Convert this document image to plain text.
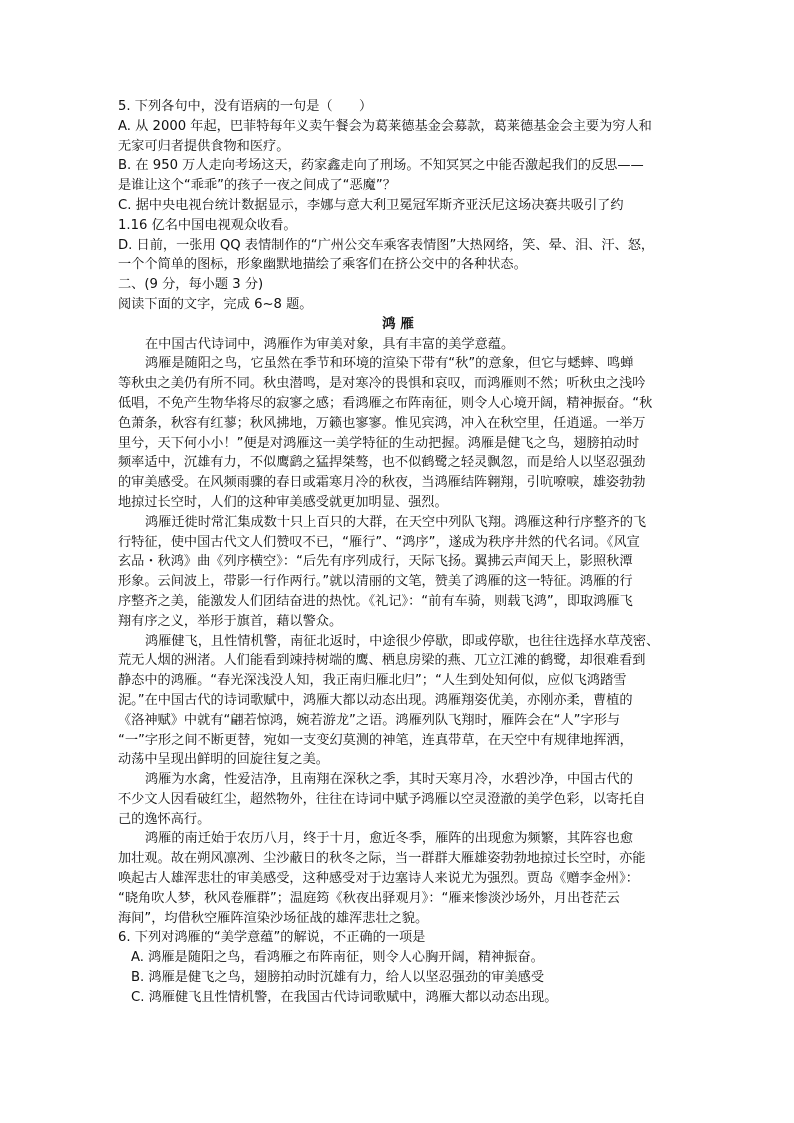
5. 下列各句中，没有语病的一句是（　　）
A. 从 2000 年起，巴菲特每年义卖午餐会为葛莱德基金会募款，葛莱德基金会主要为穷人和
无家可归者提供食物和医疗。
B. 在 950 万人走向考场这天，药家鑫走向了刑场。不知冥冥之中能否激起我们的反思——
是谁让这个“乖乖”的孩子一夜之间成了“恶魔”？
C. 据中央电视台统计数据显示，李娜与意大利卫冕冠军斯齐亚沃尼这场决赛共吸引了约
1.16 亿名中国电视观众收看。
D. 日前，一张用 QQ 表情制作的“广州公交车乘客表情图”大热网络，笑、晕、泪、汗、怒，
一个个简单的图标，形象幽默地描绘了乘客们在挤公交中的各种状态。
二、(9 分，每小题 3 分)
阅读下面的文字，完成 6~8 题。
鸿 雁
在中国古代诗词中，鸿雁作为审美对象，具有丰富的美学意蕴。
鸿雁是随阳之鸟，它虽然在季节和环境的渲染下带有“秋”的意象，但它与蟋蟀、鸣蝉
等秋虫之美仍有所不同。秋虫潜鸣，是对寒冷的畏惧和哀叹，而鸿雁则不然；听秋虫之浅吟
低唱，不免产生物华将尽的寂寥之感；看鸿雁之布阵南征，则令人心境开阔，精神振奋。“秋
色萧条，秋容有红蓼；秋风拂地，万籁也寥寥。惟见宾鸿，冲入在秋空里，任逍遥。一举万
里兮，天下何小小！”便是对鸿雁这一美学特征的生动把握。鸿雁是健飞之鸟，翅膀拍动时
频率适中，沉雄有力，不似鹰鹞之猛捍桀骜，也不似鹤鹭之轻灵飘忽，而是给人以坚忍强劲
的审美感受。在风频雨骤的春日或霜寒月冷的秋夜，当鸿雁结阵翱翔，引吭嘹唳，雄姿勃勃
地掠过长空时，人们的这种审美感受就更加明显、强烈。
鸿雁迁徙时常汇集成数十只上百只的大群，在天空中列队飞翔。鸿雁这种行序整齐的飞
行特征，使中国古代文人们赞叹不已，“雁行”、“鸿序”，遂成为秩序井然的代名词。《风宣
玄品・秋鸿》曲《列序横空》：“后先有序列成行，天际飞扬。翼拂云声闻天上，影照秋潭
形象。云间波上，带影一行作两行。”就以清丽的文笔，赞美了鸿雁的这一特征。鸿雁的行
序整齐之美，能激发人们团结奋进的热忱。《礼记》：“前有车骑，则载飞鸿”，即取鸿雁飞
翔有序之义，举形于旗首，藉以警众。
鸿雁健飞，且性情机警，南征北返时，中途很少停歇，即或停歇，也往往选择水草茂密、
荒无人烟的洲渚。人们能看到竦持树端的鹰、栖息房梁的燕、兀立江滩的鹤鹭，却很难看到
静态中的鸿雁。“春光深浅没人知，我正南归雁北归”；“人生到处知何似，应似飞鸿踏雪
泥。”在中国古代的诗词歌赋中，鸿雁大都以动态出现。鸿雁翔姿优美，亦刚亦柔，曹植的
《洛神赋》中就有“翩若惊鸿，婉若游龙”之语。鸿雁列队飞翔时，雁阵会在“人”字形与
“一”字形之间不断更替，宛如一支变幻莫测的神笔，连真带草，在天空中有规律地挥洒，
动荡中呈现出鲜明的回旋往复之美。
鸿雁为水禽，性爱洁净，且南翔在深秋之季，其时天寒月冷，水碧沙净，中国古代的
不少文人因看破红尘，超然物外，往往在诗词中赋予鸿雁以空灵澄澈的美学色彩，以寄托自
己的逸怀高行。
鸿雁的南迁始于农历八月，终于十月，愈近冬季，雁阵的出现愈为频繁，其阵容也愈
加壮观。故在朔风凛冽、尘沙蔽日的秋冬之际，当一群群大雁雄姿勃勃地掠过长空时，亦能
唤起古人雄浑悲壮的审美感受，这种感受对于边塞诗人来说尤为强烈。贾岛《赠李金州》：
“晓角吹人梦，秋风卷雁群”；温庭筠《秋夜出驿观月》：“雁来惨淡沙场外，月出苍茫云
海间”，均借秋空雁阵渲染沙场征战的雄浑悲壮之貌。
6. 下列对鸿雁的“美学意蕴”的解说，不正确的一项是
A. 鸿雁是随阳之鸟，看鸿雁之布阵南征，则令人心胸开阔，精神振奋。
B. 鸿雁是健飞之鸟，翅膀拍动时沉雄有力，给人以坚忍强劲的审美感受
C. 鸿雁健飞且性情机警，在我国古代诗词歌赋中，鸿雁大都以动态出现。
